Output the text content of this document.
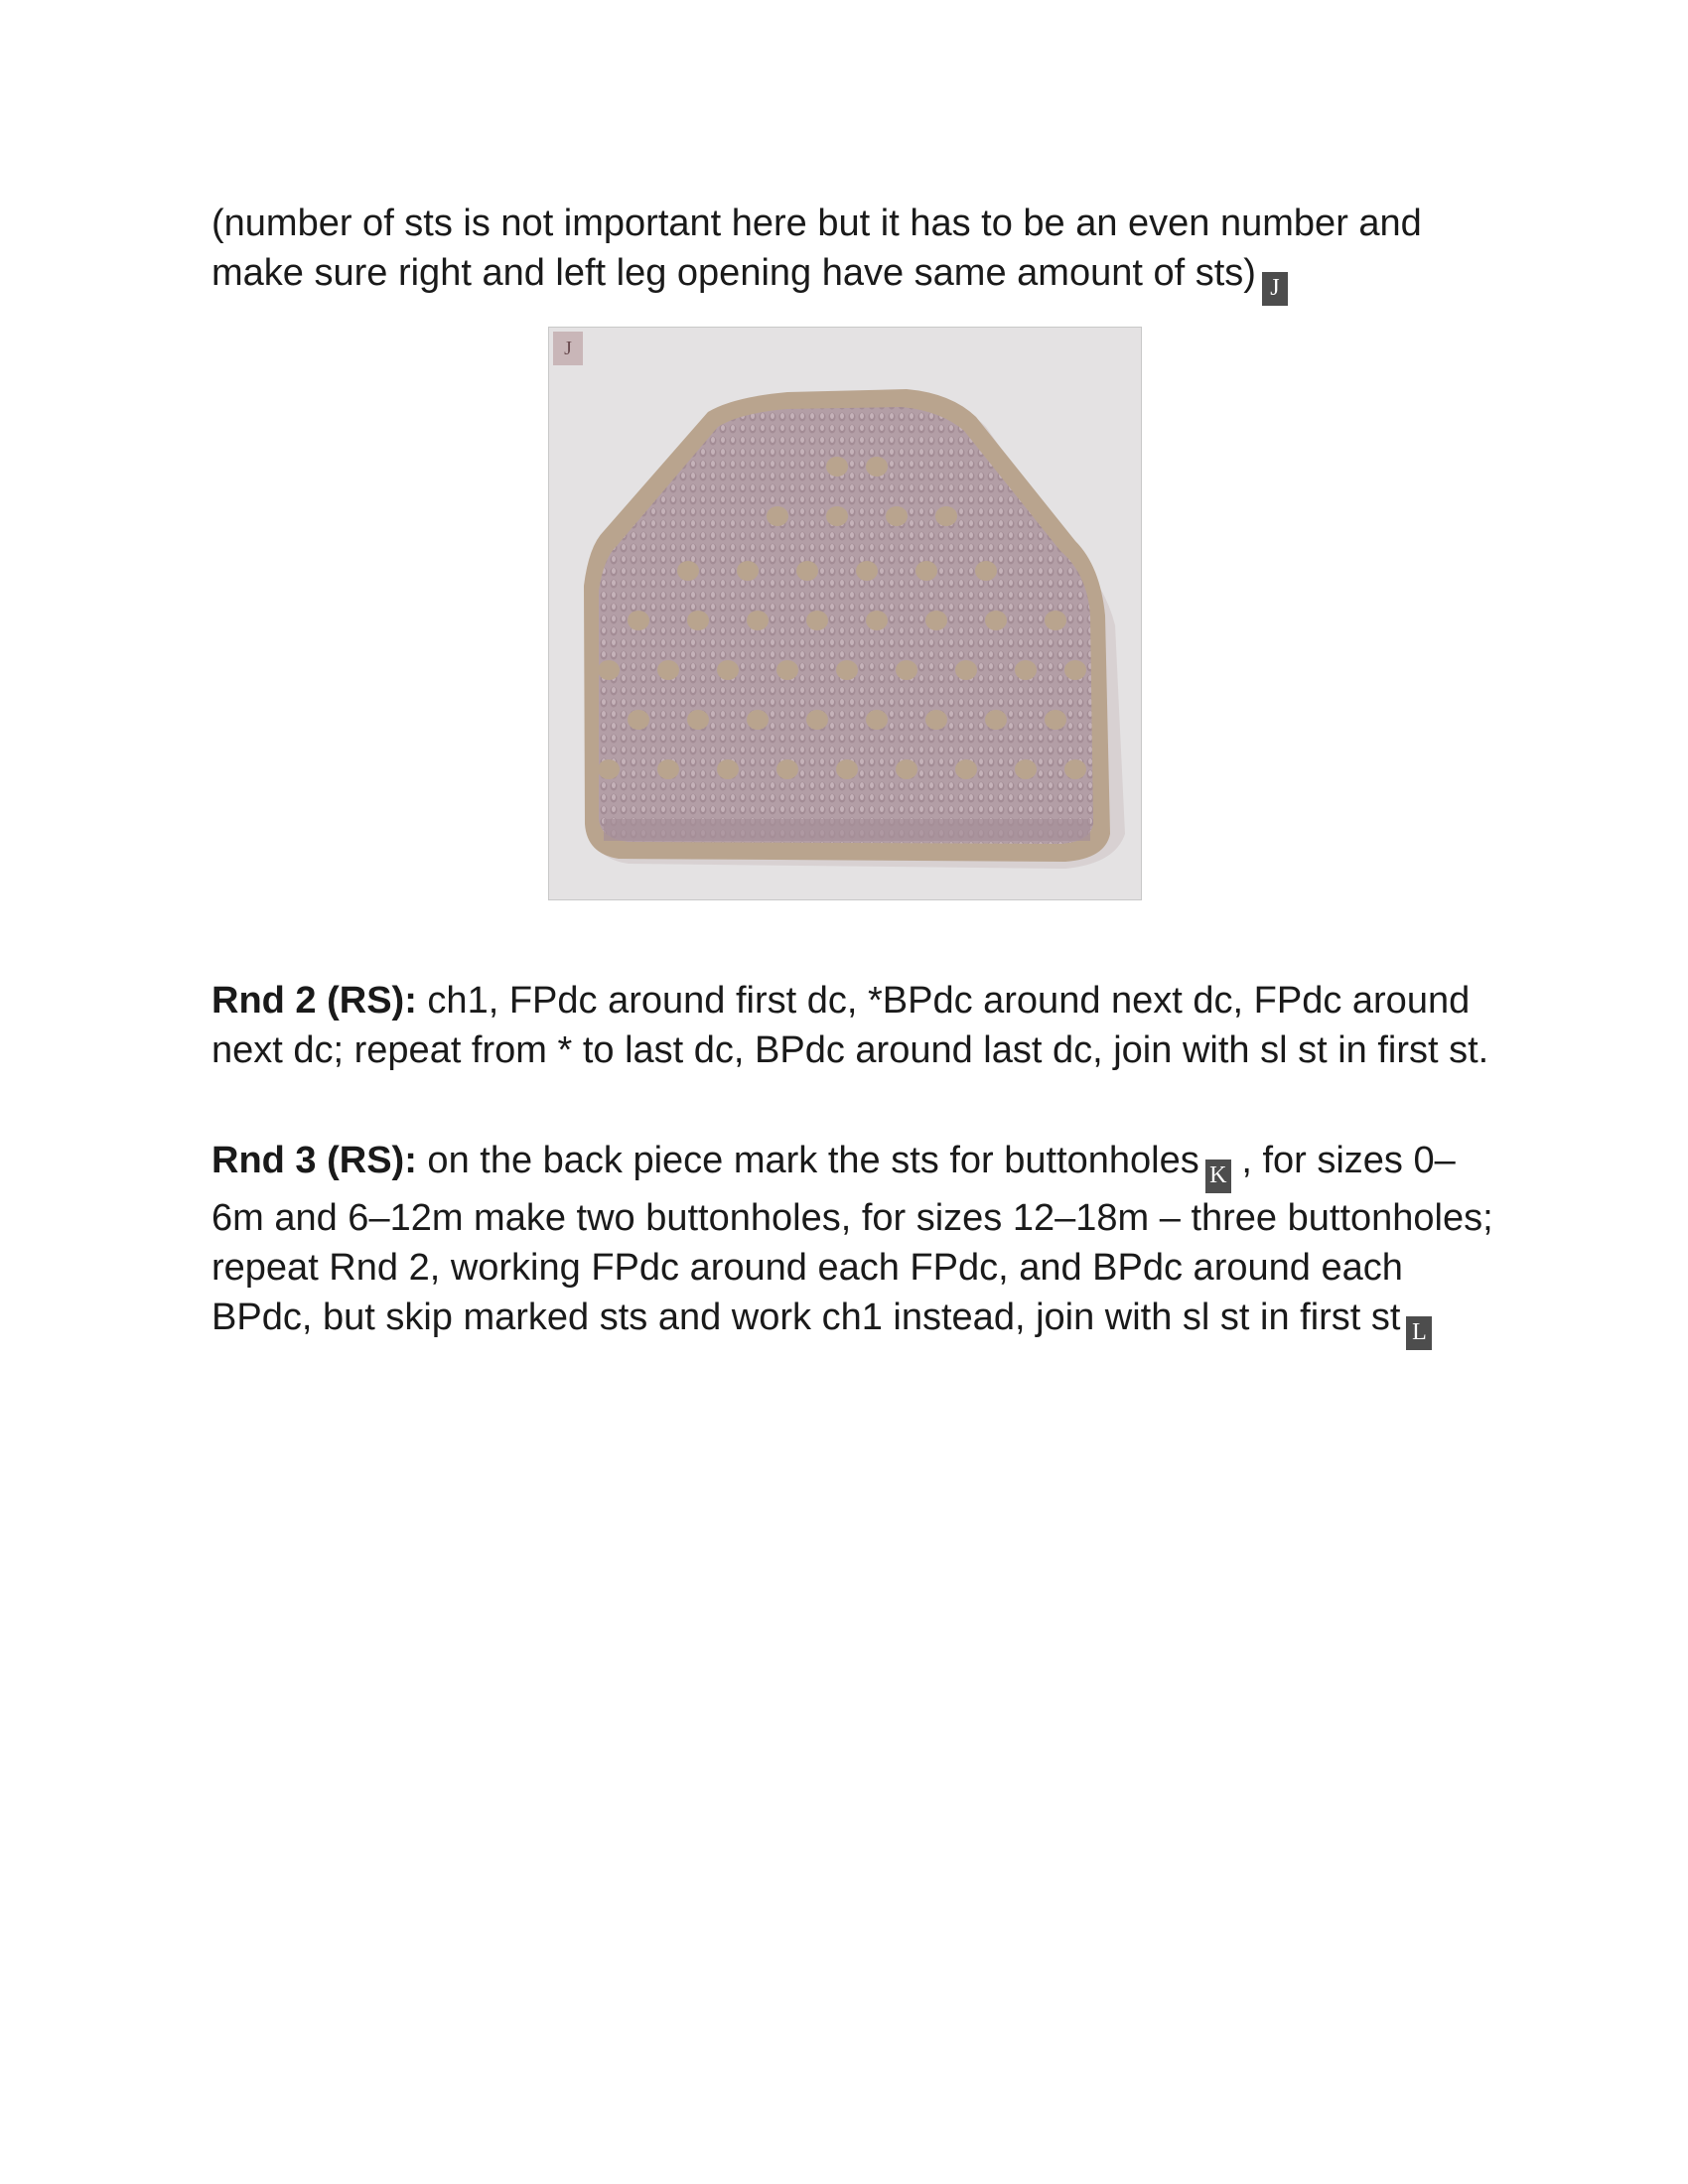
(number of sts is not important here but it has to be an even number and make sure right and left leg opening have same amount of sts) J

J

Rnd 2 (RS): ch1, FPdc around first dc, *BPdc around next dc, FPdc around next dc; repeat from * to last dc, BPdc around last dc, join with sl st in first st.

Rnd 3 (RS): on the back piece mark the sts for buttonholes K , for sizes 0–6m and 6–12m make two buttonholes, for sizes 12–18m – three buttonholes; repeat Rnd 2, working FPdc around each FPdc, and BPdc around each BPdc, but skip marked sts and work ch1 instead, join with sl st in first st L
